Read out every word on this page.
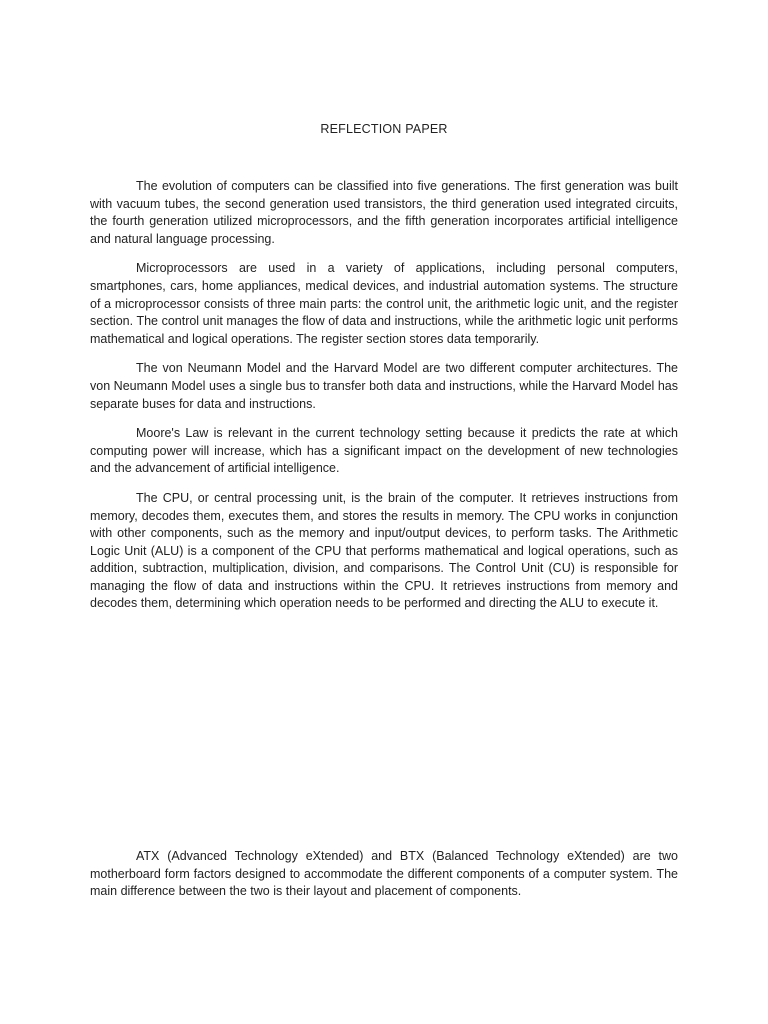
REFLECTION PAPER

The evolution of computers can be classified into five generations. The first generation was built with vacuum tubes, the second generation used transistors, the third generation used integrated circuits, the fourth generation utilized microprocessors, and the fifth generation incorporates artificial intelligence and natural language processing.

Microprocessors are used in a variety of applications, including personal computers, smartphones, cars, home appliances, medical devices, and industrial automation systems. The structure of a microprocessor consists of three main parts: the control unit, the arithmetic logic unit, and the register section. The control unit manages the flow of data and instructions, while the arithmetic logic unit performs mathematical and logical operations. The register section stores data temporarily.

The von Neumann Model and the Harvard Model are two different computer architectures. The von Neumann Model uses a single bus to transfer both data and instructions, while the Harvard Model has separate buses for data and instructions.

Moore's Law is relevant in the current technology setting because it predicts the rate at which computing power will increase, which has a significant impact on the development of new technologies and the advancement of artificial intelligence.

The CPU, or central processing unit, is the brain of the computer. It retrieves instructions from memory, decodes them, executes them, and stores the results in memory. The CPU works in conjunction with other components, such as the memory and input/output devices, to perform tasks. The Arithmetic Logic Unit (ALU) is a component of the CPU that performs mathematical and logical operations, such as addition, subtraction, multiplication, division, and comparisons. The Control Unit (CU) is responsible for managing the flow of data and instructions within the CPU. It retrieves instructions from memory and decodes them, determining which operation needs to be performed and directing the ALU to execute it.

ATX (Advanced Technology eXtended) and BTX (Balanced Technology eXtended) are two motherboard form factors designed to accommodate the different components of a computer system. The main difference between the two is their layout and placement of components.
